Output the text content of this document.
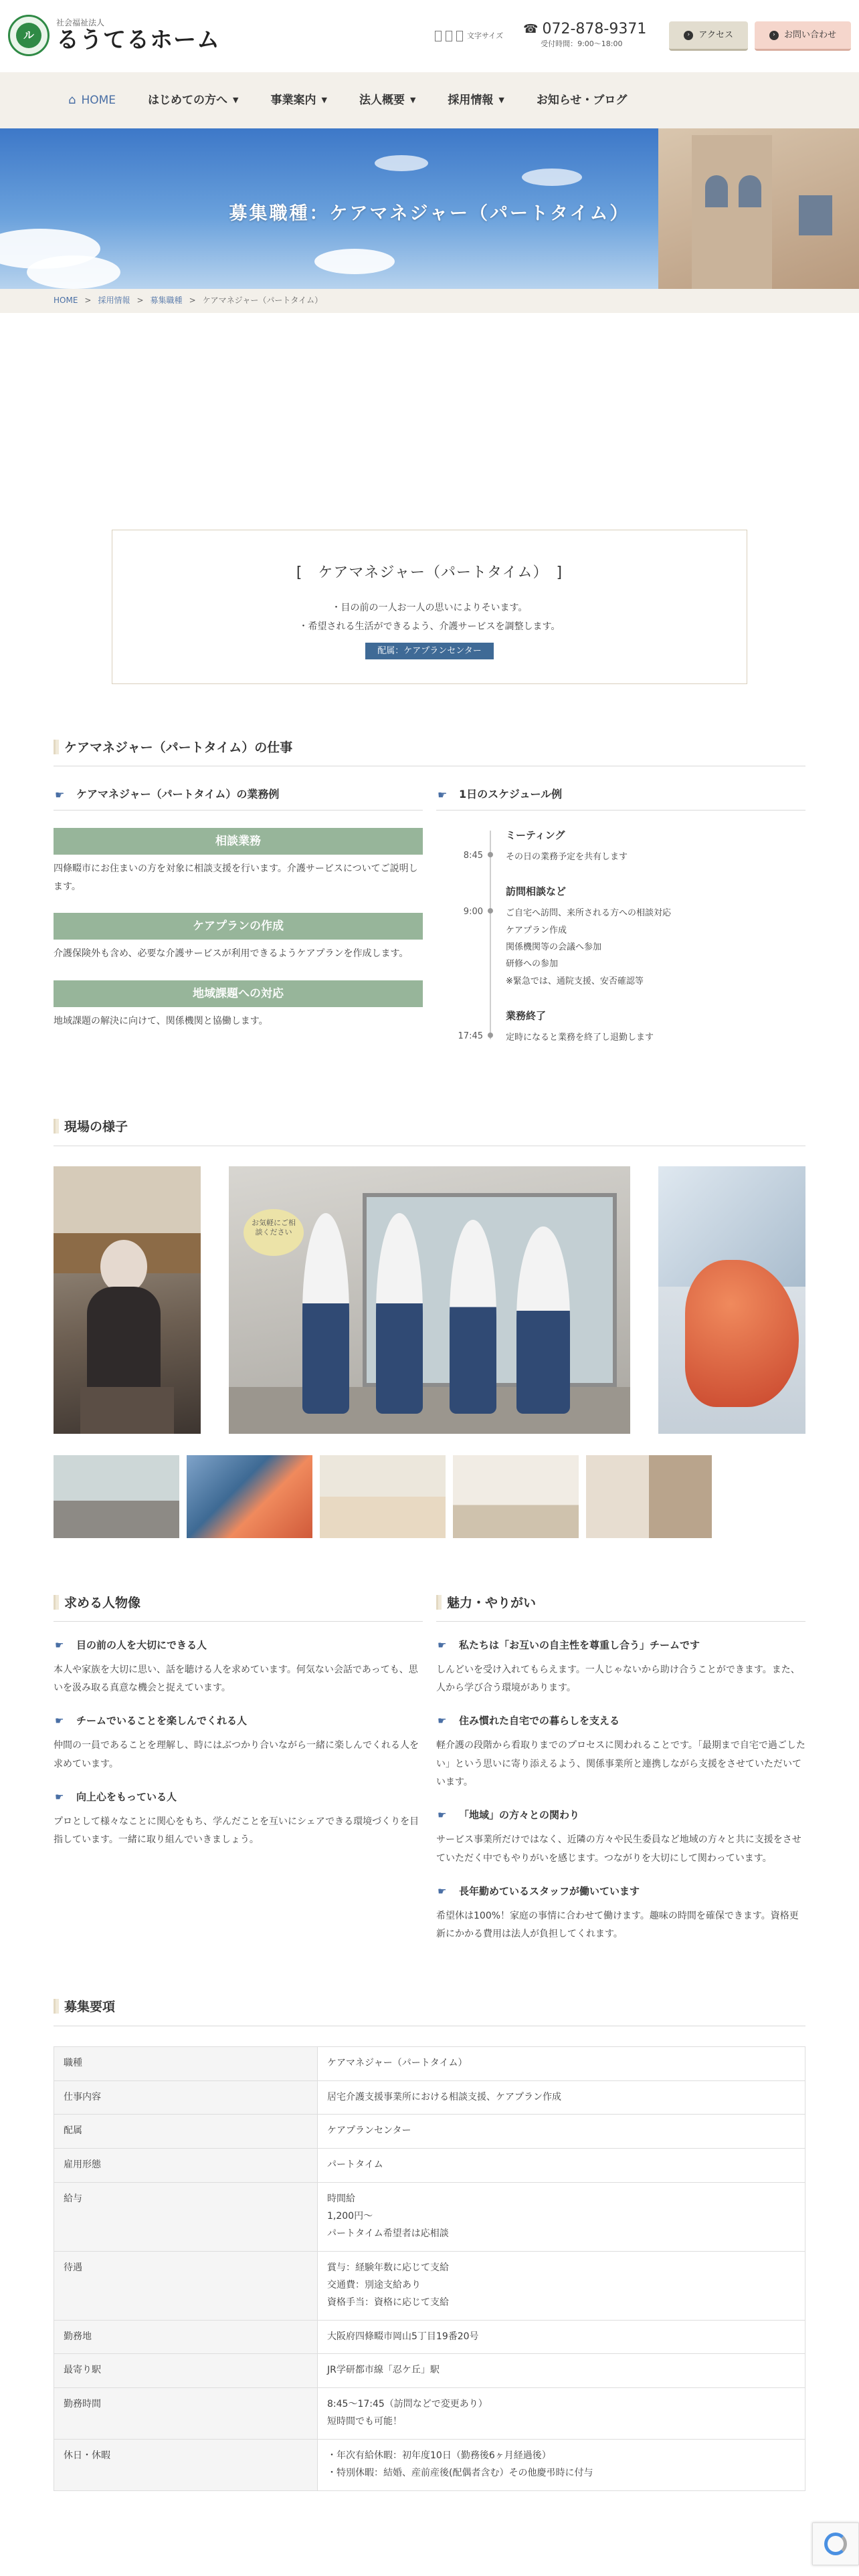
ル
社会福祉法人
るうてるホーム	文字サイズ ☎ 072-878-9371
受付時間：9:00〜18:00
›	アクセス	›	お問い合わせ
⌂ HOME	はじめての方へ ▼	事業案内 ▼	法人概要 ▼	採用情報 ▼	お知らせ・ブログ
募集職種：ケアマネジャー（パートタイム）
HOME > 採用情報 > 募集職種 > ケアマネジャー（パートタイム）
[　ケアマネジャー（パートタイム）　]
・目の前の一人お一人の思いによりそいます。
・希望される生活ができるよう、介護サービスを調整します。
配属：ケアプランセンター
ケアマネジャー（パートタイム）の仕事
☛ ケアマネジャー（パートタイム）の業務例
相談業務
四條畷市にお住まいの方を対象に相談支援を行います。介護サービスについてご説明します。
ケアプランの作成
介護保険外も含め、必要な介護サービスが利用できるようケアプランを作成します。
地域課題への対応
地域課題の解決に向けて、関係機関と協働します。
☛ 1日のスケジュール例
8:45
ミーティング
その日の業務予定を共有します
9:00
訪問相談など
ご自宅へ訪問、来所される方への相談対応
ケアプラン作成
関係機関等の会議へ参加
研修への参加
※緊急では、通院支援、安否確認等
17:45
業務終了
定時になると業務を終了し退勤します
現場の様子
お気軽にご相談ください
求める人物像
☛ 目の前の人を大切にできる人
本人や家族を大切に思い、話を聴ける人を求めています。何気ない会話であっても、思いを汲み取る真意な機会と捉えています。
☛ チームでいることを楽しんでくれる人
仲間の一員であることを理解し、時にはぶつかり合いながら一緒に楽しんでくれる人を求めています。
☛ 向上心をもっている人
プロとして様々なことに関心をもち、学んだことを互いにシェアできる環境づくりを目指しています。一緒に取り組んでいきましょう。
魅力・やりがい
☛ 私たちは「お互いの自主性を尊重し合う」チームです
しんどいを受け入れてもらえます。一人じゃないから助け合うことができます。また、人から学び合う環境があります。
☛ 住み慣れた自宅での暮らしを支える
軽介護の段階から看取りまでのプロセスに関われることです。「最期まで自宅で過ごしたい」という思いに寄り添えるよう、関係事業所と連携しながら支援をさせていただいています。
☛ 「地域」の方々との関わり
サービス事業所だけではなく、近隣の方々や民生委員など地域の方々と共に支援をさせていただく中でもやりがいを感じます。つながりを大切にして関わっています。
☛ 長年勤めているスタッフが働いています
希望休は100%！家庭の事情に合わせて働けます。趣味の時間を確保できます。資格更新にかかる費用は法人が負担してくれます。
募集要項
職種	ケアマネジャー（パートタイム）

仕事内容	居宅介護支援事業所における相談支援、ケアプラン作成

配属	ケアプランセンター

雇用形態	パートタイム

給与	時間給
1,200円〜
パートタイム希望者は応相談

待遇	賞与：経験年数に応じて支給
交通費：別途支給あり
資格手当：資格に応じて支給

勤務地	大阪府四條畷市岡山5丁目19番20号

最寄り駅	JR学研都市線「忍ケ丘」駅

勤務時間	8:45〜17:45（訪問などで変更あり）
短時間でも可能！

休日・休暇	・年次有給休暇：初年度10日（勤務後6ヶ月経過後）
・特別休暇：結婚、産前産後(配偶者含む）その他慶弔時に付与
